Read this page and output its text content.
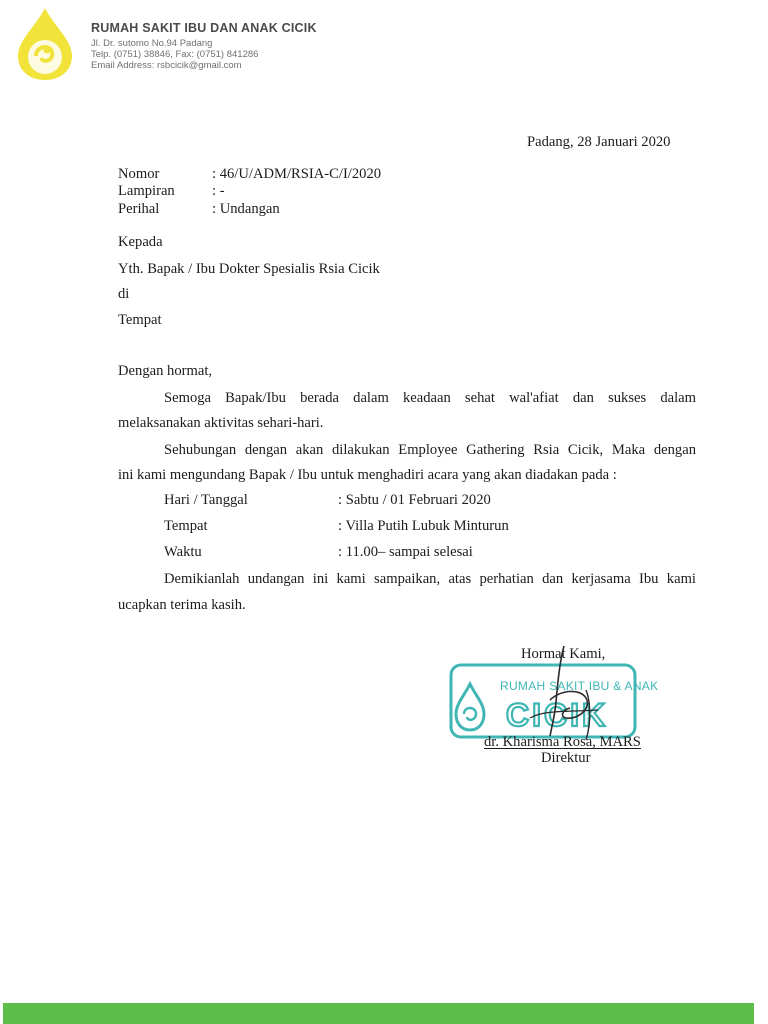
RUMAH SAKIT IBU DAN ANAK CICIK
Jl. Dr. sutomo No.94 Padang
Telp. (0751) 38846, Fax: (0751) 841286
Email Address: rsbcicik@gmail.com
Padang, 28 Januari 2020
Nomor	: 46/U/ADM/RSIA-C/I/2020
Lampiran	: -
Perihal	: Undangan
Kepada
Yth. Bapak / Ibu Dokter Spesialis Rsia Cicik
di
Tempat
Dengan hormat,
Semoga Bapak/Ibu berada dalam keadaan sehat wal'afiat dan sukses dalam
melaksanakan aktivitas sehari-hari.
Sehubungan dengan akan dilakukan Employee Gathering Rsia Cicik, Maka dengan
ini kami mengundang Bapak / Ibu untuk menghadiri acara yang akan diadakan pada :
Hari / Tanggal	: Sabtu / 01 Februari 2020
Tempat	: Villa Putih Lubuk Minturun
Waktu	: 11.00– sampai selesai
Demikianlah undangan ini kami sampaikan, atas perhatian dan kerjasama Ibu kami
ucapkan terima kasih.
RUMAH SAKIT IBU & ANAK
CICIK
Hormat Kami,
dr. Kharisma Rosa, MARS
Direktur
